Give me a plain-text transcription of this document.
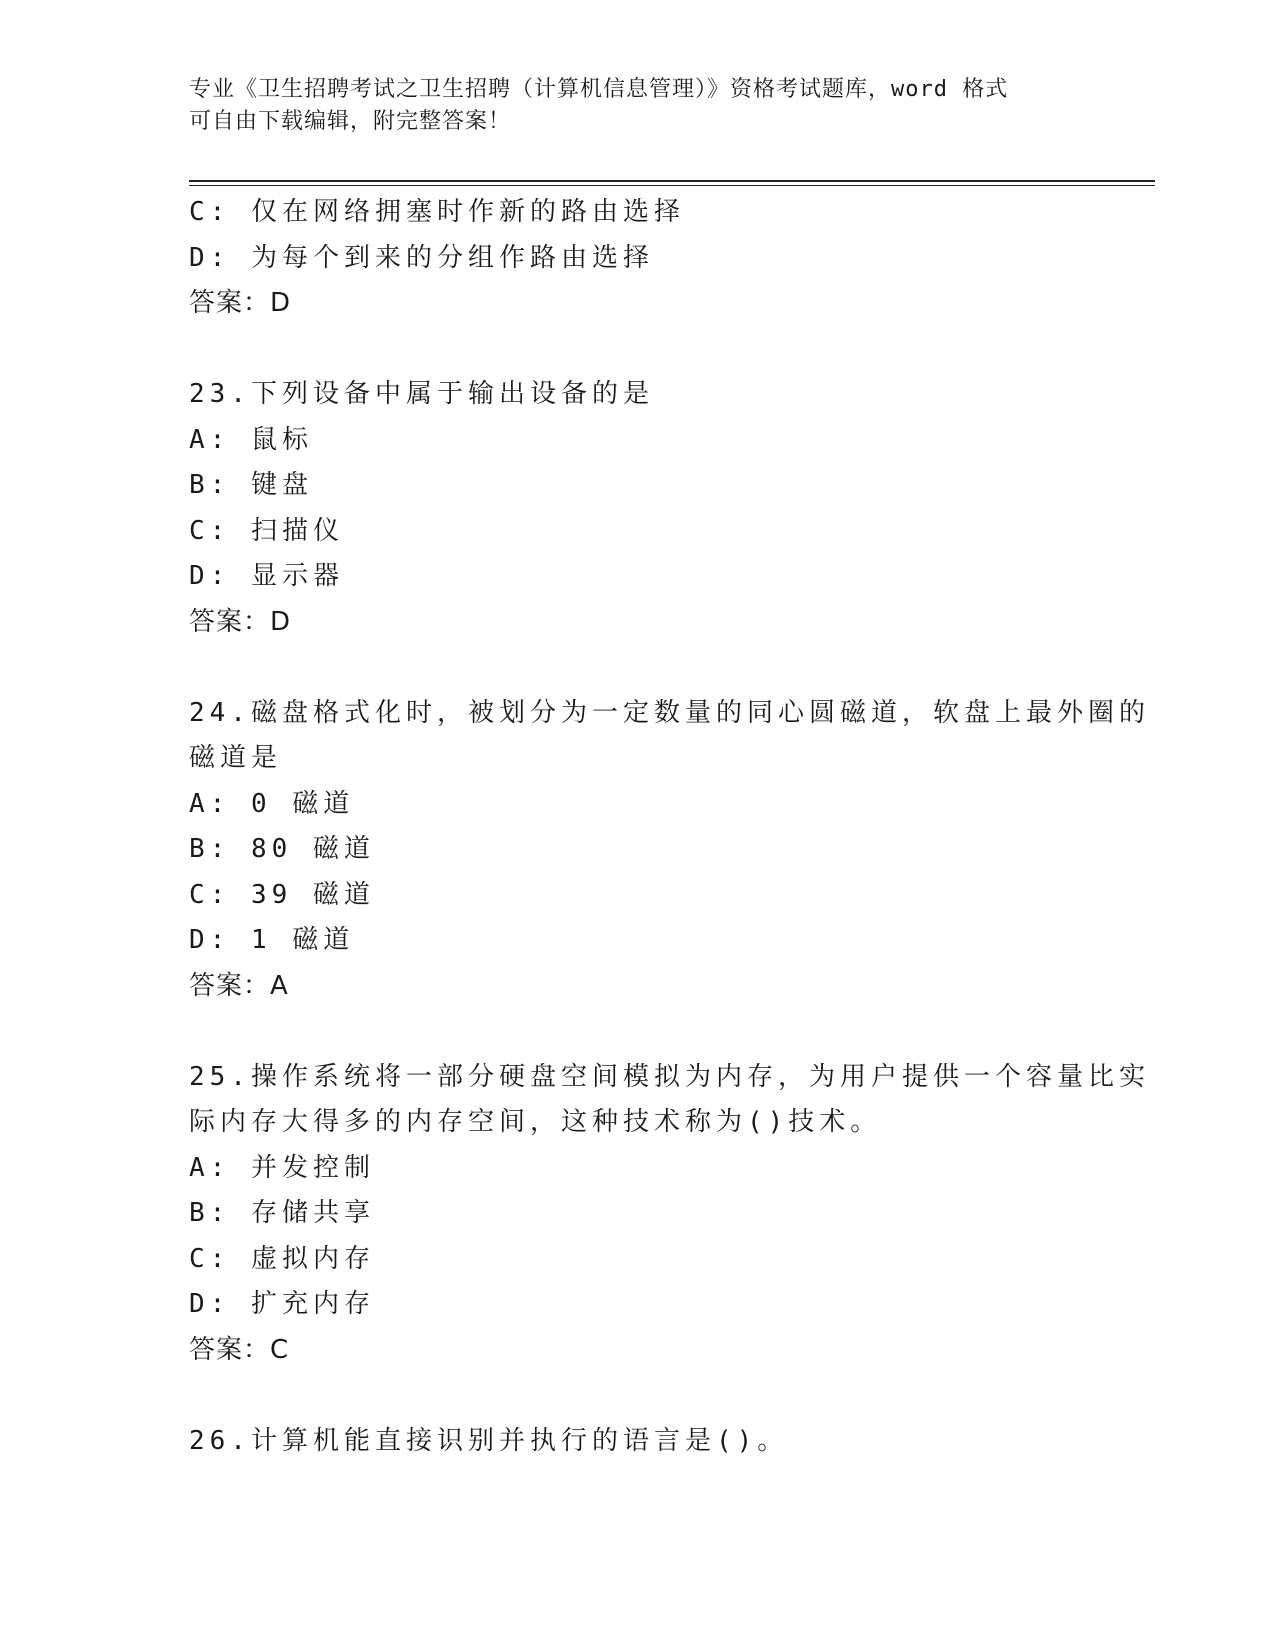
专业《卫生招聘考试之卫生招聘（计算机信息管理）》资格考试题库，word 格式
可自由下载编辑，附完整答案！
C: 仅在网络拥塞时作新的路由选择
D: 为每个到来的分组作路由选择
答案：D
23.下列设备中属于输出设备的是
A: 鼠标
B: 键盘
C: 扫描仪
D: 显示器
答案：D
24.磁盘格式化时，被划分为一定数量的同心圆磁道，软盘上最外圈的
磁道是
A: 0 磁道
B: 80 磁道
C: 39 磁道
D: 1 磁道
答案：A
25.操作系统将一部分硬盘空间模拟为内存，为用户提供一个容量比实
际内存大得多的内存空间，这种技术称为()技术。
A: 并发控制
B: 存储共享
C: 虚拟内存
D: 扩充内存
答案：C
26.计算机能直接识别并执行的语言是()。
